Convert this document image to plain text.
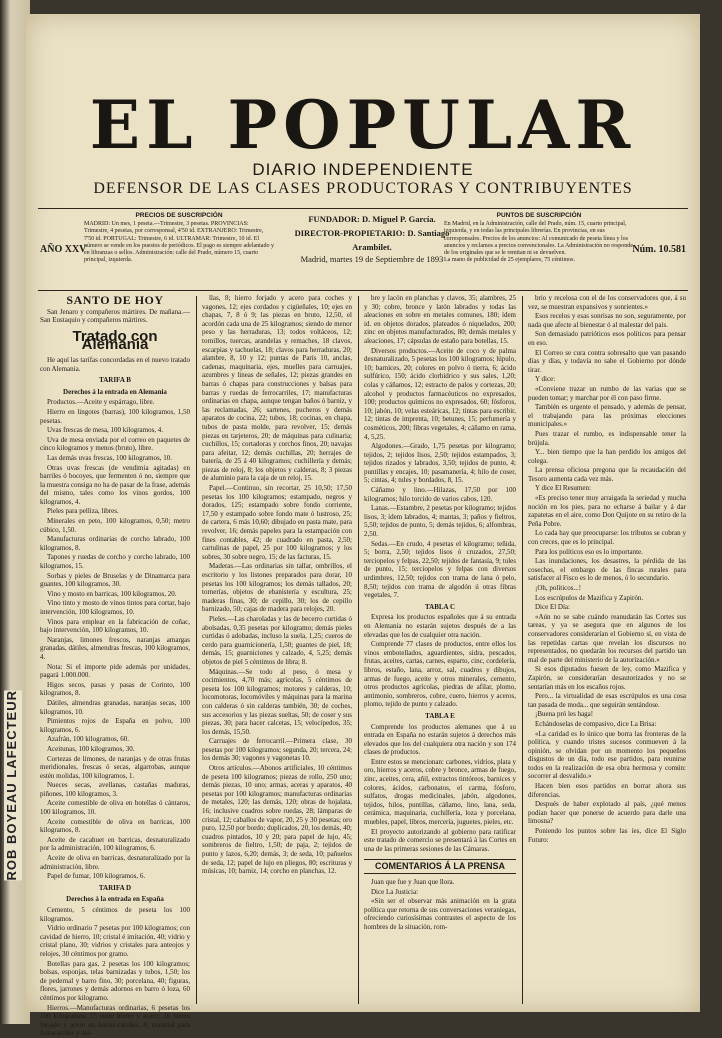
ROB BOYEAU LAFECTEUR
EL POPULAR
DIARIO INDEPENDIENTE
DEFENSOR DE LAS CLASES PRODUCTORAS Y CONTRIBUYENTES
AÑO XXV
PRECIOS DE SUSCRIPCIÓN
MADRID: Un mes, 1 peseta.—Trimestre, 3 pesetas. PROVINCIAS: Trimestre, 4 pesetas, por corresponsal, 4'50 id. EXTRANJERO: Trimestre, 7'50 id. PORTUGAL: Trimestre, 6 id. ULTRAMAR: Trimestre, 10 id. El número se vende en los puestos de periódicos. El pago es siempre adelantado y en libranzas o sellos. Administración: calle del Prado, número 15, cuarto principal, izquierda.
FUNDADOR: D. Miguel P. García.
DIRECTOR-PROPIETARIO: D. Santiago Arambilet.
Madrid, martes 19 de Septiembre de 1893
PUNTOS DE SUSCRIPCIÓN
En Madrid, en la Administración, calle del Prado, núm. 15, cuarto principal, izquierda, y en todas las principales librerías. En provincias, en sus corresponsales. Precios de los anuncios: Al comunicado de peseta línea y los anuncios y reclamos a precios convencionales. La Administración no responde de los originales que se le remitan ni se devuelven.
La mano de publicidad de 25 ejemplares, 75 céntimos.
Núm. 10.581
SANTO DE HOY

San Jenaro y compañeros mártires. De mañana.—San Eustaquio y compañeros mártires.

Tratado con Alemania

He aquí las tarifas concordadas en el nuevo tratado con Alemania.

TARIFA B
Derechos á la entrada en Alemania

Productos.—Aceite y espárrago, libre.

Hierro en lingotes (barras), 100 kilogramos, 1,50 pesetas.

Uvas frescas de mesa, 100 kilogramos, 4.

Uva de mesa enviada por el correo en paquetes de cinco kilogramos y menos (bruto), libre.

Las demás uvas frescas, 100 kilogramos, 10.

Otras uvas frescas (de vendimia agitadas) en barriles ó bocoyes, que fermenten ó no, siempre que la muestra consiga no ha de pasar de la frase, además del mismo, tales como los vinos gordos, 100 kilogramos, 4.

Pieles para pelliza, libres.

Minerales en peto, 100 kilogramos, 0,50; metro cúbico, 1,50.

Manufacturas ordinarias de corcho labrado, 100 kilogramos, 8.

Tapones y ruedas de corcho y corcho labrado, 100 kilogramos, 15.

Sorbas y pieles de Bruselas y de Dinamarca para guantes, 100 kilogramos, 30.

Vino y mosto en barricas, 100 kilogramos, 20.

Vino tinto y mosto de vinos tintos para cortar, bajo intervención, 100 kilogramos, 10.

Vinos para emplear en la fabricación de coñac, bajo intervención, 100 kilogramos, 10.

Naranjas, limones frescos, naranjas amargas granadas, dátiles, almendras frescas, 100 kilogramos, 4.

Nota: Si el importe pide además por unidades, pagará 1.000.000.

Higos secos, pasas y pasas de Corinto, 100 kilogramos, 8.

Dátiles, almendras granadas, naranjas secas, 100 kilogramos, 10.

Pimientos rojos de España en polvo, 100 kilogramos, 6.

Azafrán, 100 kilogramos, 60.

Aceitunas, 100 kilogramos, 30.

Cortezas de limones, de naranjas y de otras frutas meridionales, frescas ó secas, algarrobas, aunque estén molidas, 100 kilogramos, 1.

Nueces secas, avellanas, castañas maduras, piñones, 100 kilogramos, 3.

Aceite comestible de oliva en botellas ó cántaros, 100 kilogramos, 10.

Aceite comestible de oliva en barricas, 100 kilogramos, 8.

Aceite de cacahuet en barricas, desnaturalizado por la administración, 100 kilogramos, 6.

Aceite de oliva en barricas, desnaturalizado por la administración, libre.

Papel de fumar, 100 kilogramos, 6.

TARIFA D
Derechos á la entrada en España

Cemento, 5 céntimos de peseta los 100 kilogramos.

Vidrio ordinario 7 pesetas por 100 kilogramos; con cavidad de hierro, 10; cristal é imitación, 40; vidrio y cristal plano, 30; vidrios y cristales para anteojos y relojes, 30 céntimos por gramo.

Botellas para gas, 2 pesetas los 100 kilogramos; bolsas, esponjas, telas barnizadas y tubos, 1,50; los de pedernal y barro fino, 30; porcelana, 40; figuras, flores, jarrones y demás adornos en barro ó loza, 60 céntimos por kilogramo.

Hierros.—Manufacturas ordinarias, 6 pesetas los 100 kilogramos; 15 entre hierro y acero; 16 hierro forjado y acero en barras-carriles, 8; material para ferrocarriles y ma-

llas, 8; hierro forjado y acero para coches y vagones, 12; ejes cordados y cigüeñales, 10; ejes en chapas, 7, 8 ó 9; las piezas en bruto, 12,50, el acordón cada una de 25 kilogramos; siendo de menor peso y las herraduras, 13; todos voltáceos, 12; tornillos, tuercas, arandelas y remaches, 18 clavos, escarpias y tachuelas, 18; clavos para herraduras, 20; alambre, 8, 10 y 12; puntas de París 10, anclas, cadenas, maquinaria, ejes, muelles para carruajes, azumbres y lineas de señales, 12; piezas grandes en barras ó chapas para construcciones y balsas para barras y ruedas de ferrocarriles, 17; manufacturas ordinarias en chapa, aunque tengan baños ó barniz, y las reclamadas, 26; sartenes, pucheros y demás aparatos de cocina, 22; tubos, 18; cocinas, en chapa, tubos de pasta molde, para revolver, 15; demás piezas en tarjeteros, 20; de máquinas para culinaria; cuchillos, 15; cortadoras y corchos finos, 20; navajas para afeitar, 12; demás cuchillas, 20; herrajes de batería, de 25 á 40 kilogramos; cuchillería y demás; piezas de reloj, 8; los objetos y calderas, 8; 3 piezas de aluminio para la caja de un reloj, 15.

Papel.—Continuo, sin recortar, 25 10,50; 17,50 pesetas los 100 kilogramos; estampado, negros y dorados, 125; estampado sobre fondo corriente, 17,50 y estampado sobre fondo mate ó lustroso, 25; de cartera, 6 más 10,60; dibujado en pasta mate, para revolver, 16; demás papeles para la estampación con fines contables, 42; de cuadrado en pasta, 2,50; cartulinas de papel, 25 por 100 kilogramos; y los sobres, 30 sobre negro, 15; de las facturas, 15.

Maderas.—Las ordinarias sin tallar, ombrillos, el escritorio y los listones preparados para dorar, 10 pesetas los 100 kilogramos; los demás tallados, 20; tornerías, objetos de ebanistería y escultura, 25; maderas finas, 30; de cepillo, 30; los de cepillo barnizado, 50; cajas de madera para relojes, 20.

Pieles.—Las charoladas y las de becerro curtidas ó abolsadas, 0,35 pesetas por kilogramo; demás pieles curtidas ó adobadas, incluso la suela, 1,25; cueros de cerdo para guarnicionería, 1,50; guantes de piel, 18; demás, 15; guarniciones y calzado, 4, 5,25; demás objetos de piel 5 céntimos de libra; 8.

Máquinas.—Se todo al peso, ó mesa y cocimientos, 4,70 más; agrícolas, 5 céntimos de peseta los 100 kilogramos; motores y calderas, 10; locomotoras, locomóviles y máquinas para la marina con calderas ó sin calderas también, 30; de coches, sus accesorios y las piezas sueltas, 50; de coser y sus piezas, 30; para hacer calcetas, 15; velocípedos, 35; los demás, 15,50.

Carruajes de ferrocarril.—Primera clase, 30 pesetas por 100 kilogramos; segunda, 20; tercera, 24; los demás 30; vagones y vagonetas 10.

Otros artículos.—Abonos artificiales, 10 céntimos de peseta 100 kilogramos; piezas de rollo, 250 uno; demás piezas, 10 uno; armas, aceras y aparatos, 40 pesetas por 100 kilogramos; manufacturas ordinarias de metales, 120; las demás, 120; obras de hojalata, 16; inclusive cuadros sobre ruedas, 28; lámparas de cristal, 12; caballos de vapor, 20, 25 y 30 pesetas; oro puro, 12,50 por bordo; duplicados, 20, los demás, 40; cuadros pintados, 10 y 20; para papel de lujo, 45; sombreros de fieltro, 1,50; de paja, 2; tejidos de punto y lazos, 6,20; demás, 3; de seda, 10; pañuelos de seda, 12; papel de lujo en pliegos, 80; escrituras y músicas, 10; barniz, 14; corcho en planchas, 12.

bre y lacón en planchas y clavos, 35; alambres, 25 y 30; cobre, bronce y latón labrados y todas las aleaciones en sobre en metales comunes, 180; ídem id. en objetos dorados, plateados ó niquelados, 200; zinc en objetos manufacturados, 80; demás metales y aleaciones, 17; cápsulas de estaño para botellas, 15.

Diversos productos.—Aceite de coco y de palma desnaturalizado, 5 pesetas los 100 kilogramos; lúpulo, 10; barnices, 20; colores en polvo ó tierra, 6; ácido sulfúrico, 150; ácido clorhídrico y sus sales, 1,20; colas y cáñamos, 12; estracto de palos y cortezas, 20; alcohol y productos farmacéuticos no expresados, 100; productos químicos no expresados, 60; fósforos, 10; jabón, 10; velas esteáricas, 12; tintas para escribir, 12; tintas de imprenta, 10; betunes, 15; perfumería y cosméticos, 200; fibras vegetales, 4; cáñamo en rama, 4, 5,25.

Algodones.—Grado, 1,75 pesetas por kilogramo; tejidos, 2; tejidos lisos, 2,50; tejidos estampados, 3; tejidos rizados y labrados, 3,50; tejidos de punto, 4; puntillas y encajes, 10; pasamanería, 4; hilo de coser, 5; cintas, 4; tules y bordados, 8, 15.

Cáñamo y lino.—Hilazas, 17,50 por 100 kilogramos; hilo torcido de varios cabos, 120.

Lanas.—Estambre, 2 pesetas por kilogramo; tejidos lisos, 3; ídem labrados, 4; mantas, 3; paños y fieltros, 5,50; tejidos de punto, 5; demás tejidos, 6; alfombras, 2,50.

Sedas.—En crudo, 4 pesetas el kilogramo; teñida, 5; borra, 2,50; tejidos lisos ó cruzados, 27,50; terciopelos y felpas, 22,50; tejidos de fantasía, 9; tules de punto, 15; terciopelos y felpas con diversos urdimbres, 12,50; tejidos con trama de lana ó pelo, 8,50; tejidos con trama de algodón ú otras fibras vegetales, 7.

TABLA C

Expresa los productos españoles que á su entrada en Alemania no estarán sujetos después de a las elevadas que los de cualquier otra nación.

Comprende 77 clases de productos, entre ellos los vinos embotellados, aguardientes, sidra, pescados, frutas, aceites, cartas, carnes, esparto, cinc, cordelería, libros, estaño, lana, arroz, sal, cuadros y dibujos, armas de fuego, aceite y otros minerales, cemento, otros productos agrícolas, piedras de afilar, plomo, antimonio, sombreros, cobre, cuero, hierros y aceros, plomo, tejido de punto y calzado.

TABLA E

Comprende los productos alemanes que á su entrada en España no estarán sujetos á derechos más elevados que los del cualquiera otra nación y son 174 clases de productos.

Entre estos se mencionan: carbones, vidrios, plata y oro, hierros y aceros, cobre y bronce, armas de fuego, zinc, aceites, cera, añil, extractos tintóreos, barnices y colores, ácidos, carbonatos, el carma, fósforo, sulfatos, drogas medicinales, jabón, algodones, tejidos, hilos, puntillas, cáñamo, lino, lana, seda, cerámica, maquinaria, cuchillería, loza y porcelana, muebles, papel, libros, mercería, juguetes, pieles, etc.

El proyecto autorizando al gobierno para ratificar este tratado de comercio se presentará á las Cortes en una de las primeras sesiones de las Cámaras.

COMENTARIOS Á LA PRENSA

Juan que fue y Juan que llora.

Dice La Justicia:

«Sin ser el observar más animación en la grata política que retorna de sus conversaciones veraniegas, ofreciendo curiosísimas contrastes el aspecto de los hombres de la situación, rom-

brio y recelosa con el de los conservadores que, á su vez, se muestran expansivos y sonrientes.»

Esos recelos y esas sonrisas no son, seguramente, por nada que afecte al bienestar ó al malestar del país.

Son demasiado patrióticos esos políticos para pensar en eso.

El Correo se cura contra sobresalto que van pasando días y días, y todavía no sabe el Gobierno por dónde tirar.

Y dice:

«Conviene trazar un rumbo de las varias que se pueden tomar; y marchar por él con paso firme.

También es urgente el pensado, y además de pensar, el trabajando para las próximas elecciones municipales.»

Pues trazar el rumbo, es indispensable tener la brújula.

Y... bien tiempo que la han perdido los amigos del colega.

La prensa oficiosa pregona que la recaudación del Tesoro aumenta cada vez más.

Y dice El Resumen:

«Es preciso tener muy arraigada la seriedad y mucha noción en los pies, para no echarse á bailar y á dar zapatetas en el aire, como Don Quijote en su retiro de la Peña Pobre.

Lo cada hay que preocuparse: los tributos se cobran y con creces, que es lo principal.

Para los políticos eso es lo importante.

Las inundaciones, los desastres, la pérdida de las cosechas, el embargo de las fincas rurales para satisfacer al Fisco es lo de menos, ó lo secundario.

¡Oh, políticos...!

Los escrúpulos de Mazifica y Zapirón.

Dice El Día:

«Aún no se sabe cuándo reanudarán las Cortes sus tareas, y ya se asegura que en algunos de los conservadores considerarían el Gobierno sí, en vista de las repetidas cartas que revelan los discursos no representados, no quedarán los recursos del partido tan mal de parte del ministerio de la autorización.»

Si esos diputados fuesen de ley, como Mazifica y Zapirón, se considerarían desautorizados y no se sentarían más en los escaños rojos.

Pero... la virtualidad de esas escrúpulos es una cosa tan pasada de moda... que seguirán sentándose.

¡Buena pró les haga!

Echándoselas de compasivo, dice La Brisa:

«La caridad es lo único que borra las fronteras de la política, y cuando tristes sucesos conmueven á la opinión, se olvidan por un momento los pequeños disgustos de un día, todo ese partidos, para reunirse todos en la realización de esa obra hermosa y común: socorrer al desvalido.»

Hacen bien esos partidos en borrar ahora sus diferencias.

Después de haber explotado al país, ¿qué menos podían hacer que ponerse de acuerdo para darle una limosna?

Poniendo los puntos sobre las íes, dice El Siglo Futuro:
